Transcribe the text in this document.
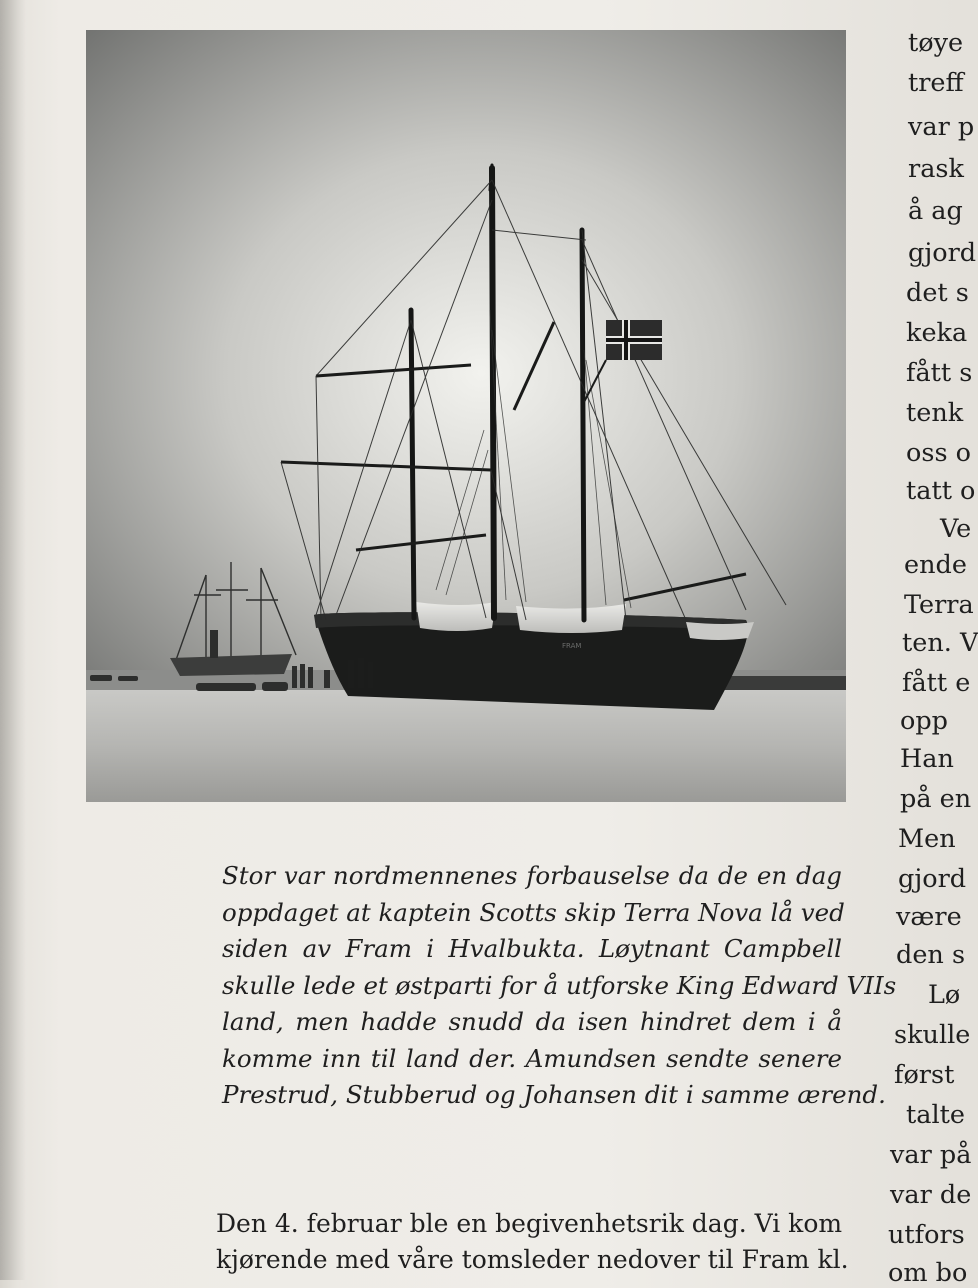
FRAM
Stor var nordmennenes forbauselse da de en dag
oppdaget at kaptein Scotts skip Terra Nova lå ved
siden av Fram i Hvalbukta. Løytnant Campbell
skulle lede et østparti for å utforske King Edward VIIs
land, men hadde snudd da isen hindret dem i å
komme inn til land der. Amundsen sendte senere
Prestrud, Stubberud og Johansen dit i samme ærend.
Den 4. februar ble en begivenhetsrik dag. Vi kom
kjørende med våre tomsleder nedover til Fram kl.
tøye
treff
var p
rask
å ag
gjord
det s
keka
fått s
tenk
oss o
tatt o
Ve
ende
Terra
ten. V
fått e
opp
Han
på en
Men
gjord
være
den s
Lø
skulle
først
talte
var på
var de
utfors
om bo
